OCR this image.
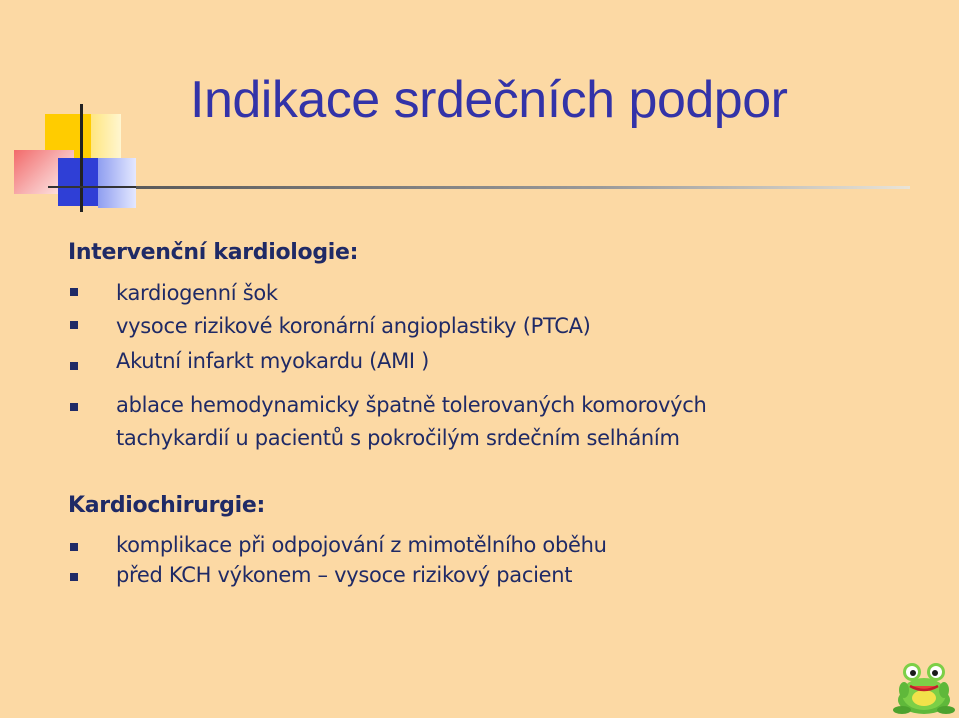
Indikace srdečních podpor
Intervenční kardiologie:
kardiogenní šok
vysoce rizikové koronární angioplastiky (PTCA)
Akutní infarkt myokardu (AMI )
ablace hemodynamicky špatně tolerovaných komorových
tachykardií u pacientů s pokročilým srdečním selháním
Kardiochirurgie:
komplikace při odpojování z mimotělního oběhu
před KCH výkonem – vysoce rizikový pacient
